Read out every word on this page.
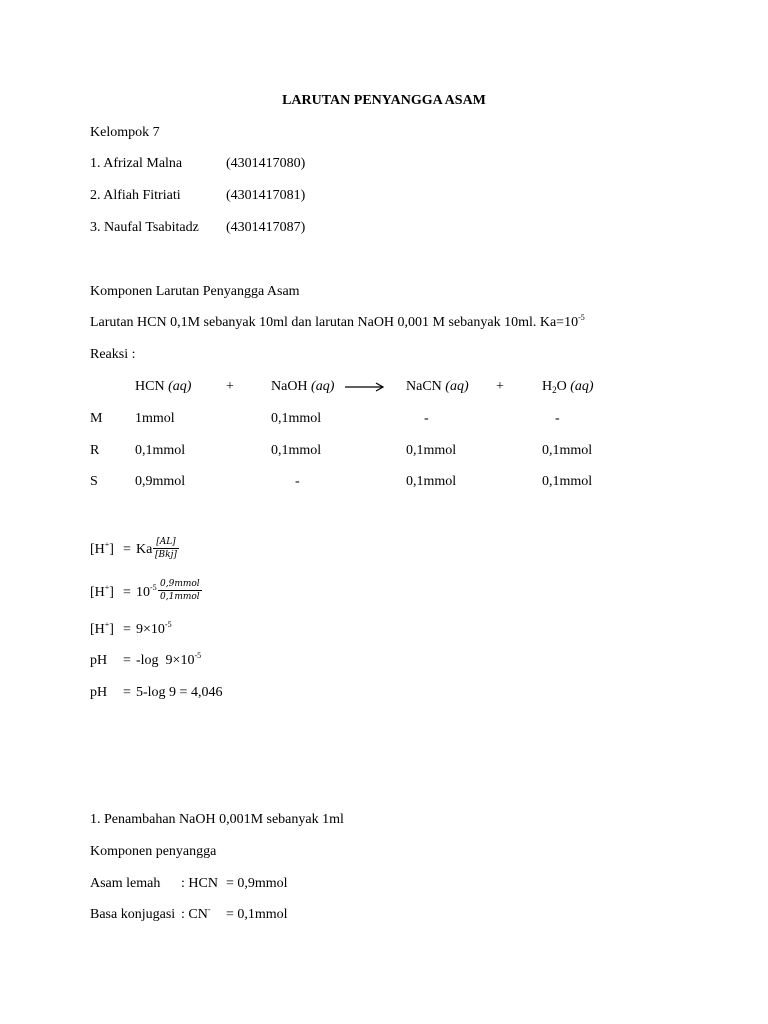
LARUTAN PENYANGGA ASAM
Kelompok 7
1. Afrizal Malna	(4301417080)
2. Alfiah Fitriati	(4301417081)
3. Naufal Tsabitadz (4301417087)
Komponen Larutan Penyangga Asam
Larutan HCN 0,1M sebanyak 10ml dan larutan NaOH 0,001 M sebanyak 10ml. $Ka=10^{-5}$
Reaksi :
HCN (aq) +	NaOH (aq) → NaCN (aq) +	$H_2O$ (aq)
M 1mmol	0,1mmol	-	-
R	0,1mmol	0,1mmol	0,1mmol	0,1mmol
S	0,9mmol	-	0,1mmol	0,1mmol
[H+] = Ka [AL]
[Bkj]
$[H^+] = 10^{-5}$ 0,9mmol
0,1mmol
$[H^+] = 9\times 10^{-5}$
pH = -log  $9\times 10^{-5}$
pH = 5-log 9 = 4,046
1. Penambahan NaOH 0,001M sebanyak 1ml
Komponen penyangga
Asam lemah : HCN = 0,9mmol
Basa konjugasi : CN- = 0,1mmol
